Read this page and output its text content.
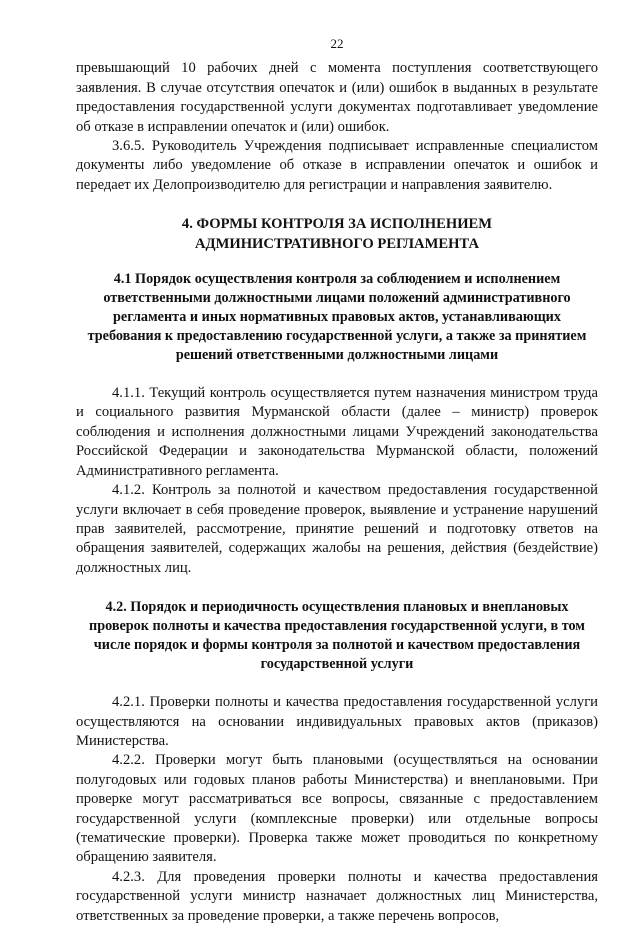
22

превышающий 10 рабочих дней с момента поступления соответствующего заявления. В случае отсутствия опечаток и (или) ошибок в выданных в результате предоставления государственной услуги документах подготавливает уведомление об отказе в исправлении опечаток и (или) ошибок.

3.6.5. Руководитель Учреждения подписывает исправленные специалистом документы либо уведомление об отказе в исправлении опечаток и ошибок и передает их Делопроизводителю для регистрации и направления заявителю.

4. ФОРМЫ КОНТРОЛЯ ЗА ИСПОЛНЕНИЕМ
АДМИНИСТРАТИВНОГО РЕГЛАМЕНТА
4.1 Порядок осуществления контроля за соблюдением и исполнением ответственными должностными лицами положений административного регламента и иных нормативных правовых актов, устанавливающих требования к предоставлению государственной услуги, а также за принятием решений ответственными должностными лицами

4.1.1. Текущий контроль осуществляется путем назначения министром труда и социального развития Мурманской области (далее – министр) проверок соблюдения и исполнения должностными лицами Учреждений законодательства Российской Федерации и законодательства Мурманской области, положений Административного регламента.

4.1.2. Контроль за полнотой и качеством предоставления государственной услуги включает в себя проведение проверок, выявление и устранение нарушений прав заявителей, рассмотрение, принятие решений и подготовку ответов на обращения заявителей, содержащих жалобы на решения, действия (бездействие) должностных лиц.

4.2. Порядок и периодичность осуществления плановых и внеплановых проверок полноты и качества предоставления государственной услуги, в том числе порядок и формы контроля за полнотой и качеством предоставления государственной услуги

4.2.1. Проверки полноты и качества предоставления государственной услуги осуществляются на основании индивидуальных правовых актов (приказов) Министерства.

4.2.2. Проверки могут быть плановыми (осуществляться на основании полугодовых или годовых планов работы Министерства) и внеплановыми. При проверке могут рассматриваться все вопросы, связанные с предоставлением государственной услуги (комплексные проверки) или отдельные вопросы (тематические проверки). Проверка также может проводиться по конкретному обращению заявителя.

4.2.3. Для проведения проверки полноты и качества предоставления государственной услуги министр назначает должностных лиц Министерства, ответственных за проведение проверки, а также перечень вопросов,
